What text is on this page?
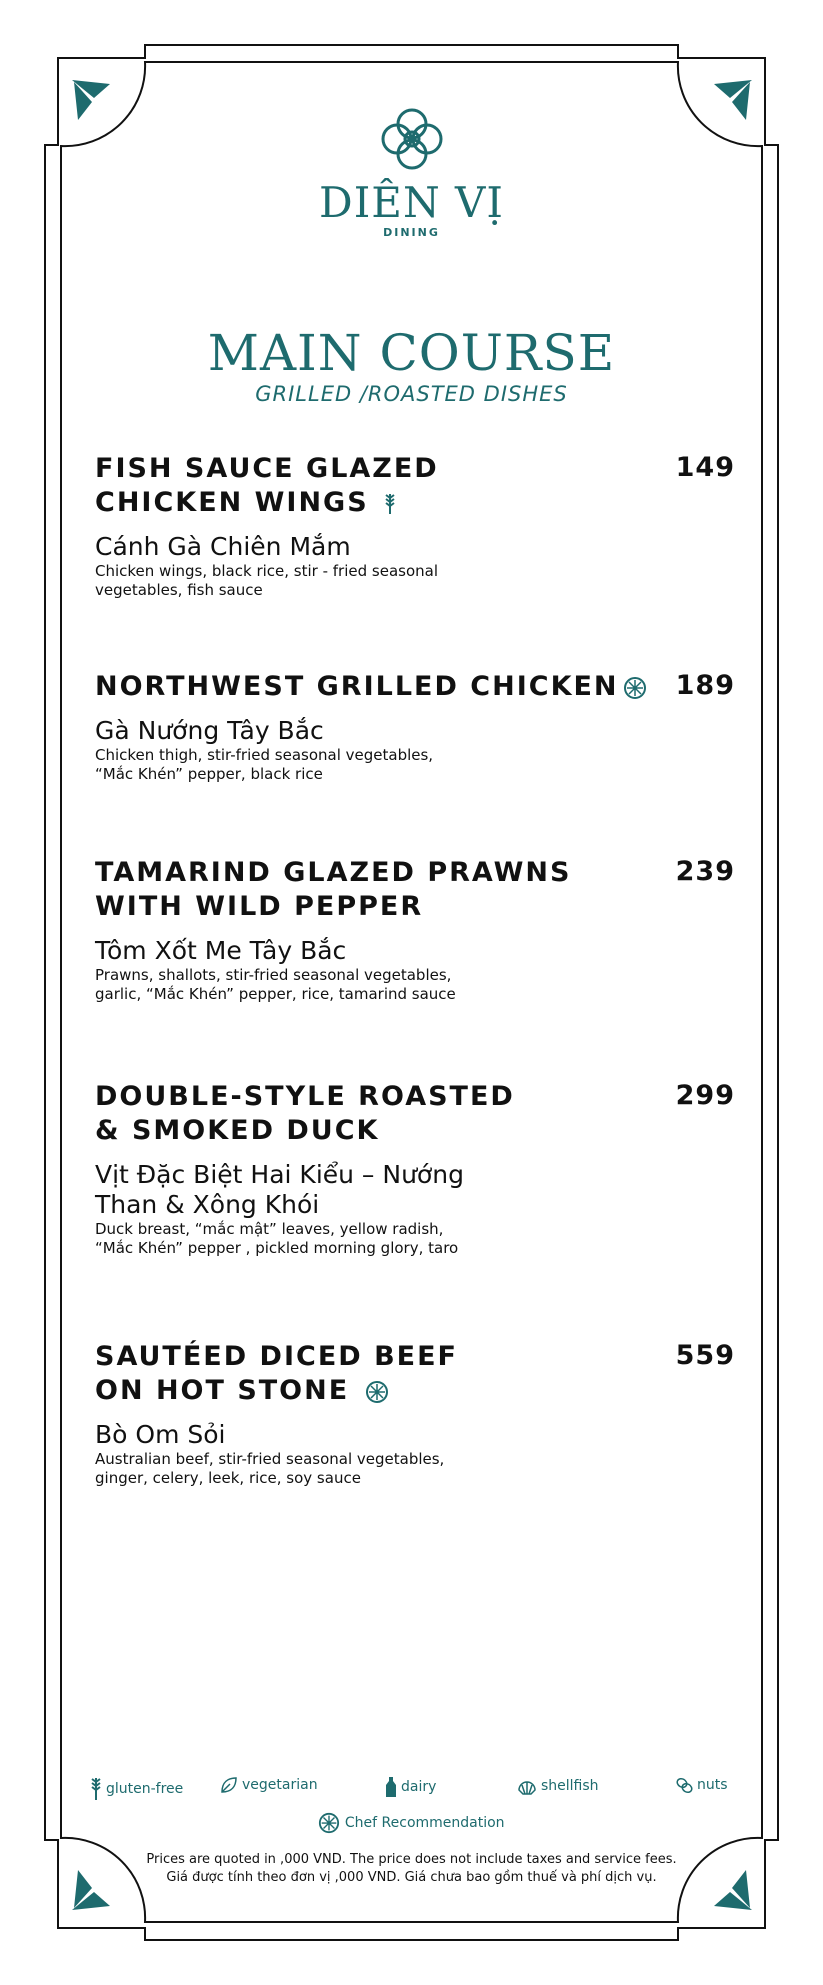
DIÊN VỊ
DINING
MAIN COURSE
GRILLED /ROASTED DISHES
FISH SAUCE GLAZED
CHICKEN WINGS
149
Cánh Gà Chiên Mắm
Chicken wings, black rice, stir - fried seasonal
vegetables, fish sauce
NORTHWEST GRILLED CHICKEN	189
Gà Nướng Tây Bắc
Chicken thigh, stir-fried seasonal vegetables,
“Mắc Khén” pepper, black rice
TAMARIND GLAZED PRAWNS
WITH WILD PEPPER
239
Tôm Xốt Me Tây Bắc
Prawns, shallots, stir-fried seasonal vegetables,
garlic, “Mắc Khén” pepper, rice, tamarind sauce
DOUBLE-STYLE ROASTED
& SMOKED DUCK
299
Vịt Đặc Biệt Hai Kiểu – Nướng
Than & Xông Khói
Duck breast, “mắc mật” leaves, yellow radish,
“Mắc Khén” pepper , pickled morning glory, taro
SAUTÉED DICED BEEF
ON HOT STONE
559
Bò Om Sỏi
Australian beef, stir-fried seasonal vegetables,
ginger, celery, leek, rice, soy sauce
gluten-free	vegetarian	dairy	shellfish	nuts
Chef Recommendation
Prices are quoted in ,000 VND. The price does not include taxes and service fees.
Giá được tính theo đơn vị ,000 VND. Giá chưa bao gồm thuế và phí dịch vụ.
